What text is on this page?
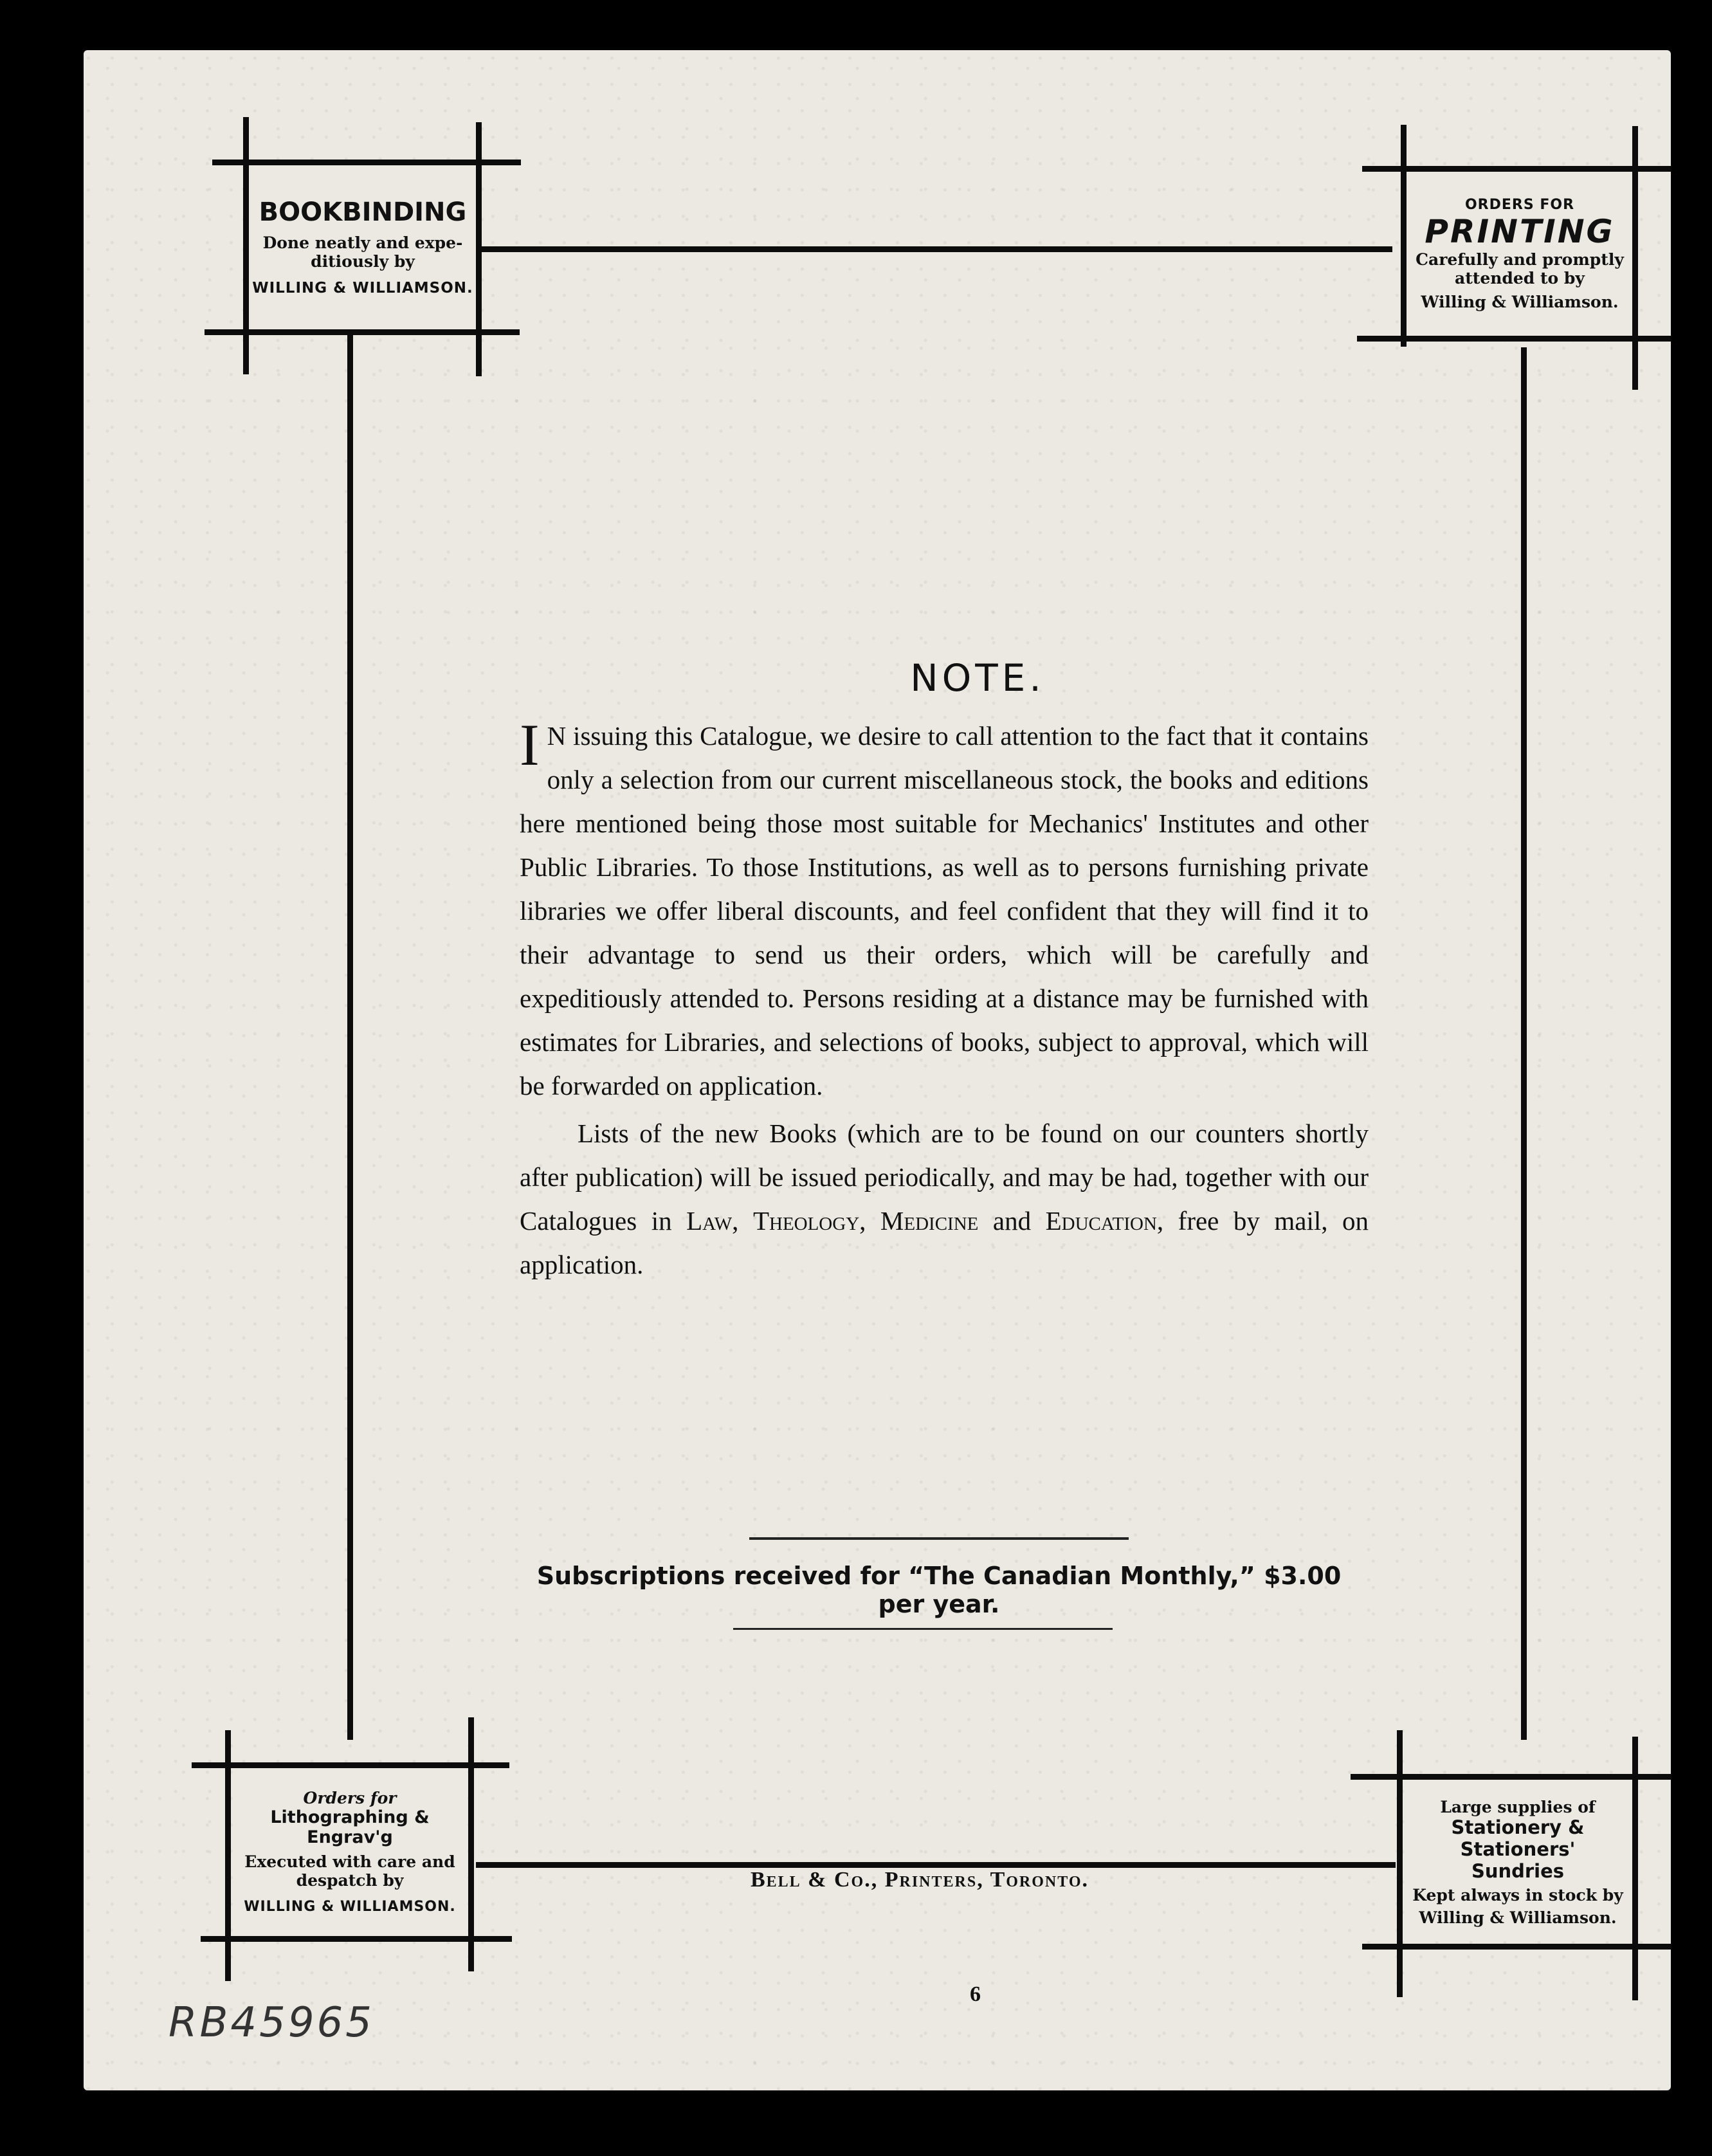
BOOKBINDING
Done neatly and expe-
ditiously by
WILLING & WILLIAMSON.
ORDERS FOR
PRINTING
Carefully and promptly
attended to by
Willing & Williamson.
Orders for
Lithographing & Engrav'g
Executed with care and
despatch by
WILLING & WILLIAMSON.
Large supplies of
Stationery & Stationers'
Sundries
Kept always in stock by
Willing & Williamson.
NOTE.

I N issuing this Catalogue, we desire to call attention to the fact that it contains only a selection from our current miscellaneous stock, the books and editions here mentioned being those most suitable for Mechanics' Institutes and other Public Libraries. To those Institutions, as well as to persons furnishing private libraries we offer liberal discounts, and feel confident that they will find it to their advantage to send us their orders, which will be carefully and expeditiously attended to. Persons residing at a distance may be furnished with estimates for Libraries, and selections of books, subject to approval, which will be forwarded on application.

Lists of the new Books (which are to be found on our counters shortly after publication) will be issued periodically, and may be had, together with our Catalogues in Law, Theology, Medicine and Education, free by mail, on application.

Subscriptions received for “The Canadian Monthly,” $3.00 per year.
Bell & Co., Printers, Toronto.
RB45965
6
